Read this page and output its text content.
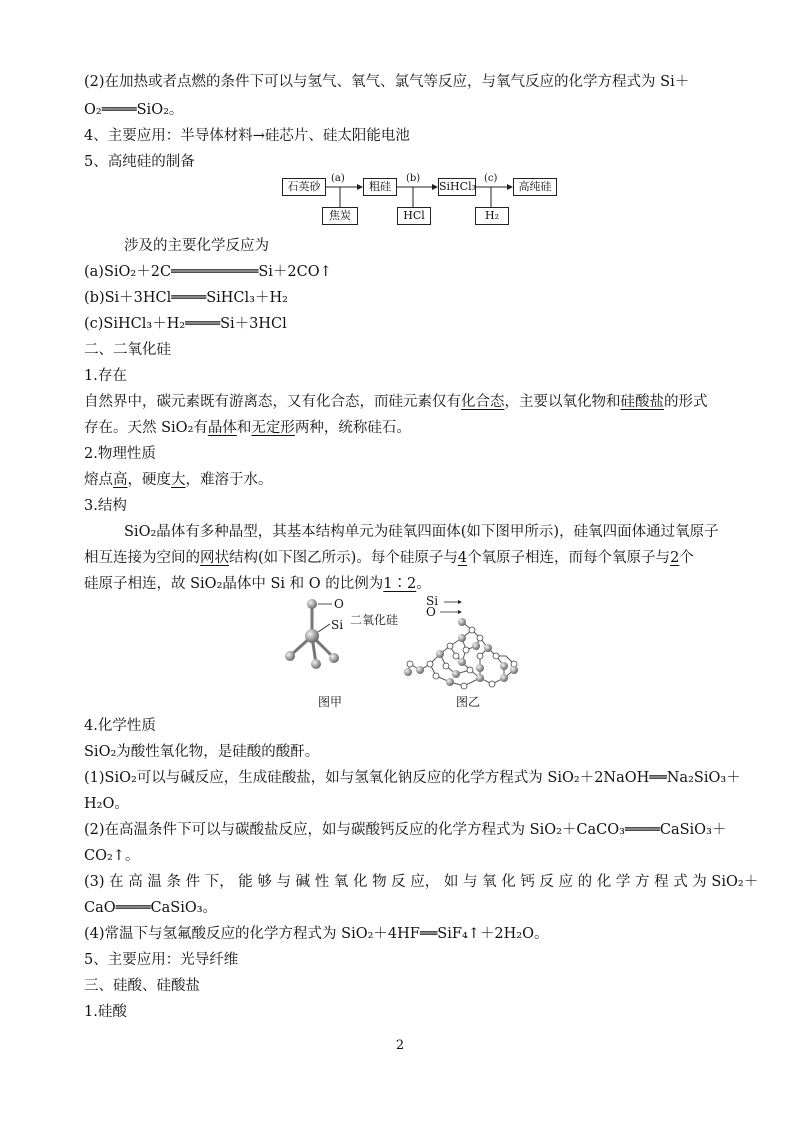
(2)在加热或者点燃的条件下可以与氢气、氧气、氯气等反应，与氧气反应的化学方程式为 Si＋
O₂════SiO₂。
4、主要应用：半导体材料→硅芯片、硅太阳能电池
5、高纯硅的制备
石英砂	粗硅	SiHCl₃	高纯硅
焦炭	HCl	H₂
(a)	(b)	(c)
涉及的主要化学反应为
(a)SiO₂＋2C══════════Si＋2CO↑
(b)Si＋3HCl════SiHCl₃＋H₂
(c)SiHCl₃＋H₂════Si＋3HCl
二、二氧化硅
1.存在
自然界中，碳元素既有游离态，又有化合态，而硅元素仅有化合态，主要以氧化物和硅酸盐的形式
存在。天然 SiO₂有晶体和无定形两种，统称硅石。
2.物理性质
熔点高，硬度大，难溶于水。
3.结构
SiO₂晶体有多种晶型，其基本结构单元为硅氧四面体(如下图甲所示)，硅氧四面体通过氧原子
相互连接为空间的网状结构(如下图乙所示)。每个硅原子与4个氧原子相连，而每个氧原子与2个
硅原子相连，故 SiO₂晶体中 Si 和 O 的比例为1∶2。
O
Si 二氧化硅
图甲	图乙
Si
O
4.化学性质
SiO₂为酸性氧化物，是硅酸的酸酐。
(1)SiO₂可以与碱反应，生成硅酸盐，如与氢氧化钠反应的化学方程式为 SiO₂＋2NaOH══Na₂SiO₃＋
H₂O。
(2)在高温条件下可以与碳酸盐反应，如与碳酸钙反应的化学方程式为 SiO₂＋CaCO₃════CaSiO₃＋
CO₂↑。
(3) 在 高 温 条 件 下， 能 够 与 碱 性 氧 化 物 反 应， 如 与 氧 化 钙 反 应 的 化 学 方 程 式 为 SiO₂＋
CaO════CaSiO₃。
(4)常温下与氢氟酸反应的化学方程式为 SiO₂＋4HF══SiF₄↑＋2H₂O。
5、主要应用：光导纤维
三、硅酸、硅酸盐
1.硅酸
2
